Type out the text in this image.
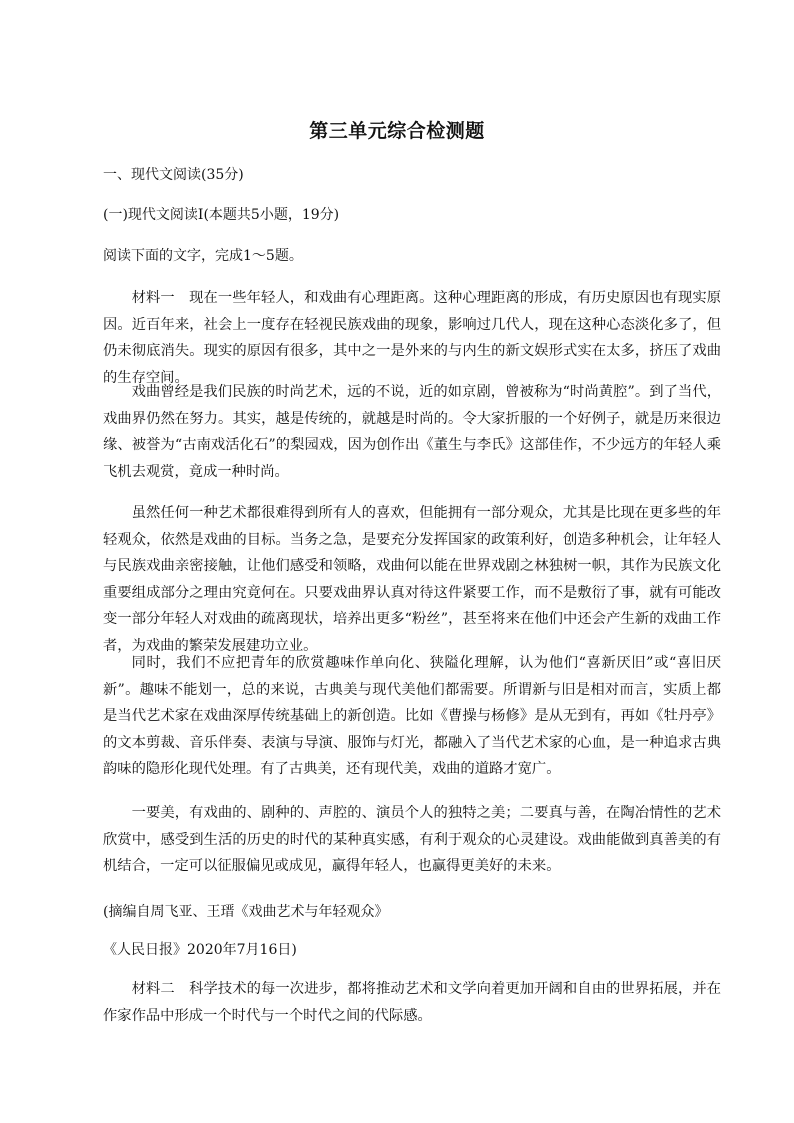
第三单元综合检测题
一、现代文阅读(35分)
(一)现代文阅读Ⅰ(本题共5小题，19分)
阅读下面的文字，完成1～5题。
材料一　现在一些年轻人，和戏曲有心理距离。这种心理距离的形成，有历史原因也有现实原因。近百年来，社会上一度存在轻视民族戏曲的现象，影响过几代人，现在这种心态淡化多了，但仍未彻底消失。现实的原因有很多，其中之一是外来的与内生的新文娱形式实在太多，挤压了戏曲的生存空间。
戏曲曾经是我们民族的时尚艺术，远的不说，近的如京剧，曾被称为“时尚黄腔”。到了当代，戏曲界仍然在努力。其实，越是传统的，就越是时尚的。令大家折服的一个好例子，就是历来很边缘、被誉为“古南戏活化石”的梨园戏，因为创作出《董生与李氏》这部佳作，不少远方的年轻人乘飞机去观赏，竟成一种时尚。
虽然任何一种艺术都很难得到所有人的喜欢，但能拥有一部分观众，尤其是比现在更多些的年轻观众，依然是戏曲的目标。当务之急，是要充分发挥国家的政策利好，创造多种机会，让年轻人与民族戏曲亲密接触，让他们感受和领略，戏曲何以能在世界戏剧之林独树一帜，其作为民族文化重要组成部分之理由究竟何在。只要戏曲界认真对待这件紧要工作，而不是敷衍了事，就有可能改变一部分年轻人对戏曲的疏离现状，培养出更多“粉丝”，甚至将来在他们中还会产生新的戏曲工作者，为戏曲的繁荣发展建功立业。
同时，我们不应把青年的欣赏趣味作单向化、狭隘化理解，认为他们“喜新厌旧”或“喜旧厌新”。趣味不能划一，总的来说，古典美与现代美他们都需要。所谓新与旧是相对而言，实质上都是当代艺术家在戏曲深厚传统基础上的新创造。比如《曹操与杨修》是从无到有，再如《牡丹亭》的文本剪裁、音乐伴奏、表演与导演、服饰与灯光，都融入了当代艺术家的心血，是一种追求古典韵味的隐形化现代处理。有了古典美，还有现代美，戏曲的道路才宽广。
一要美，有戏曲的、剧种的、声腔的、演员个人的独特之美；二要真与善，在陶冶情性的艺术欣赏中，感受到生活的历史的时代的某种真实感，有利于观众的心灵建设。戏曲能做到真善美的有机结合，一定可以征服偏见或成见，赢得年轻人，也赢得更美好的未来。
(摘编自周飞亚、王瑨《戏曲艺术与年轻观众》
《人民日报》2020年7月16日)
材料二　科学技术的每一次进步，都将推动艺术和文学向着更加开阔和自由的世界拓展，并在作家作品中形成一个时代与一个时代之间的代际感。
